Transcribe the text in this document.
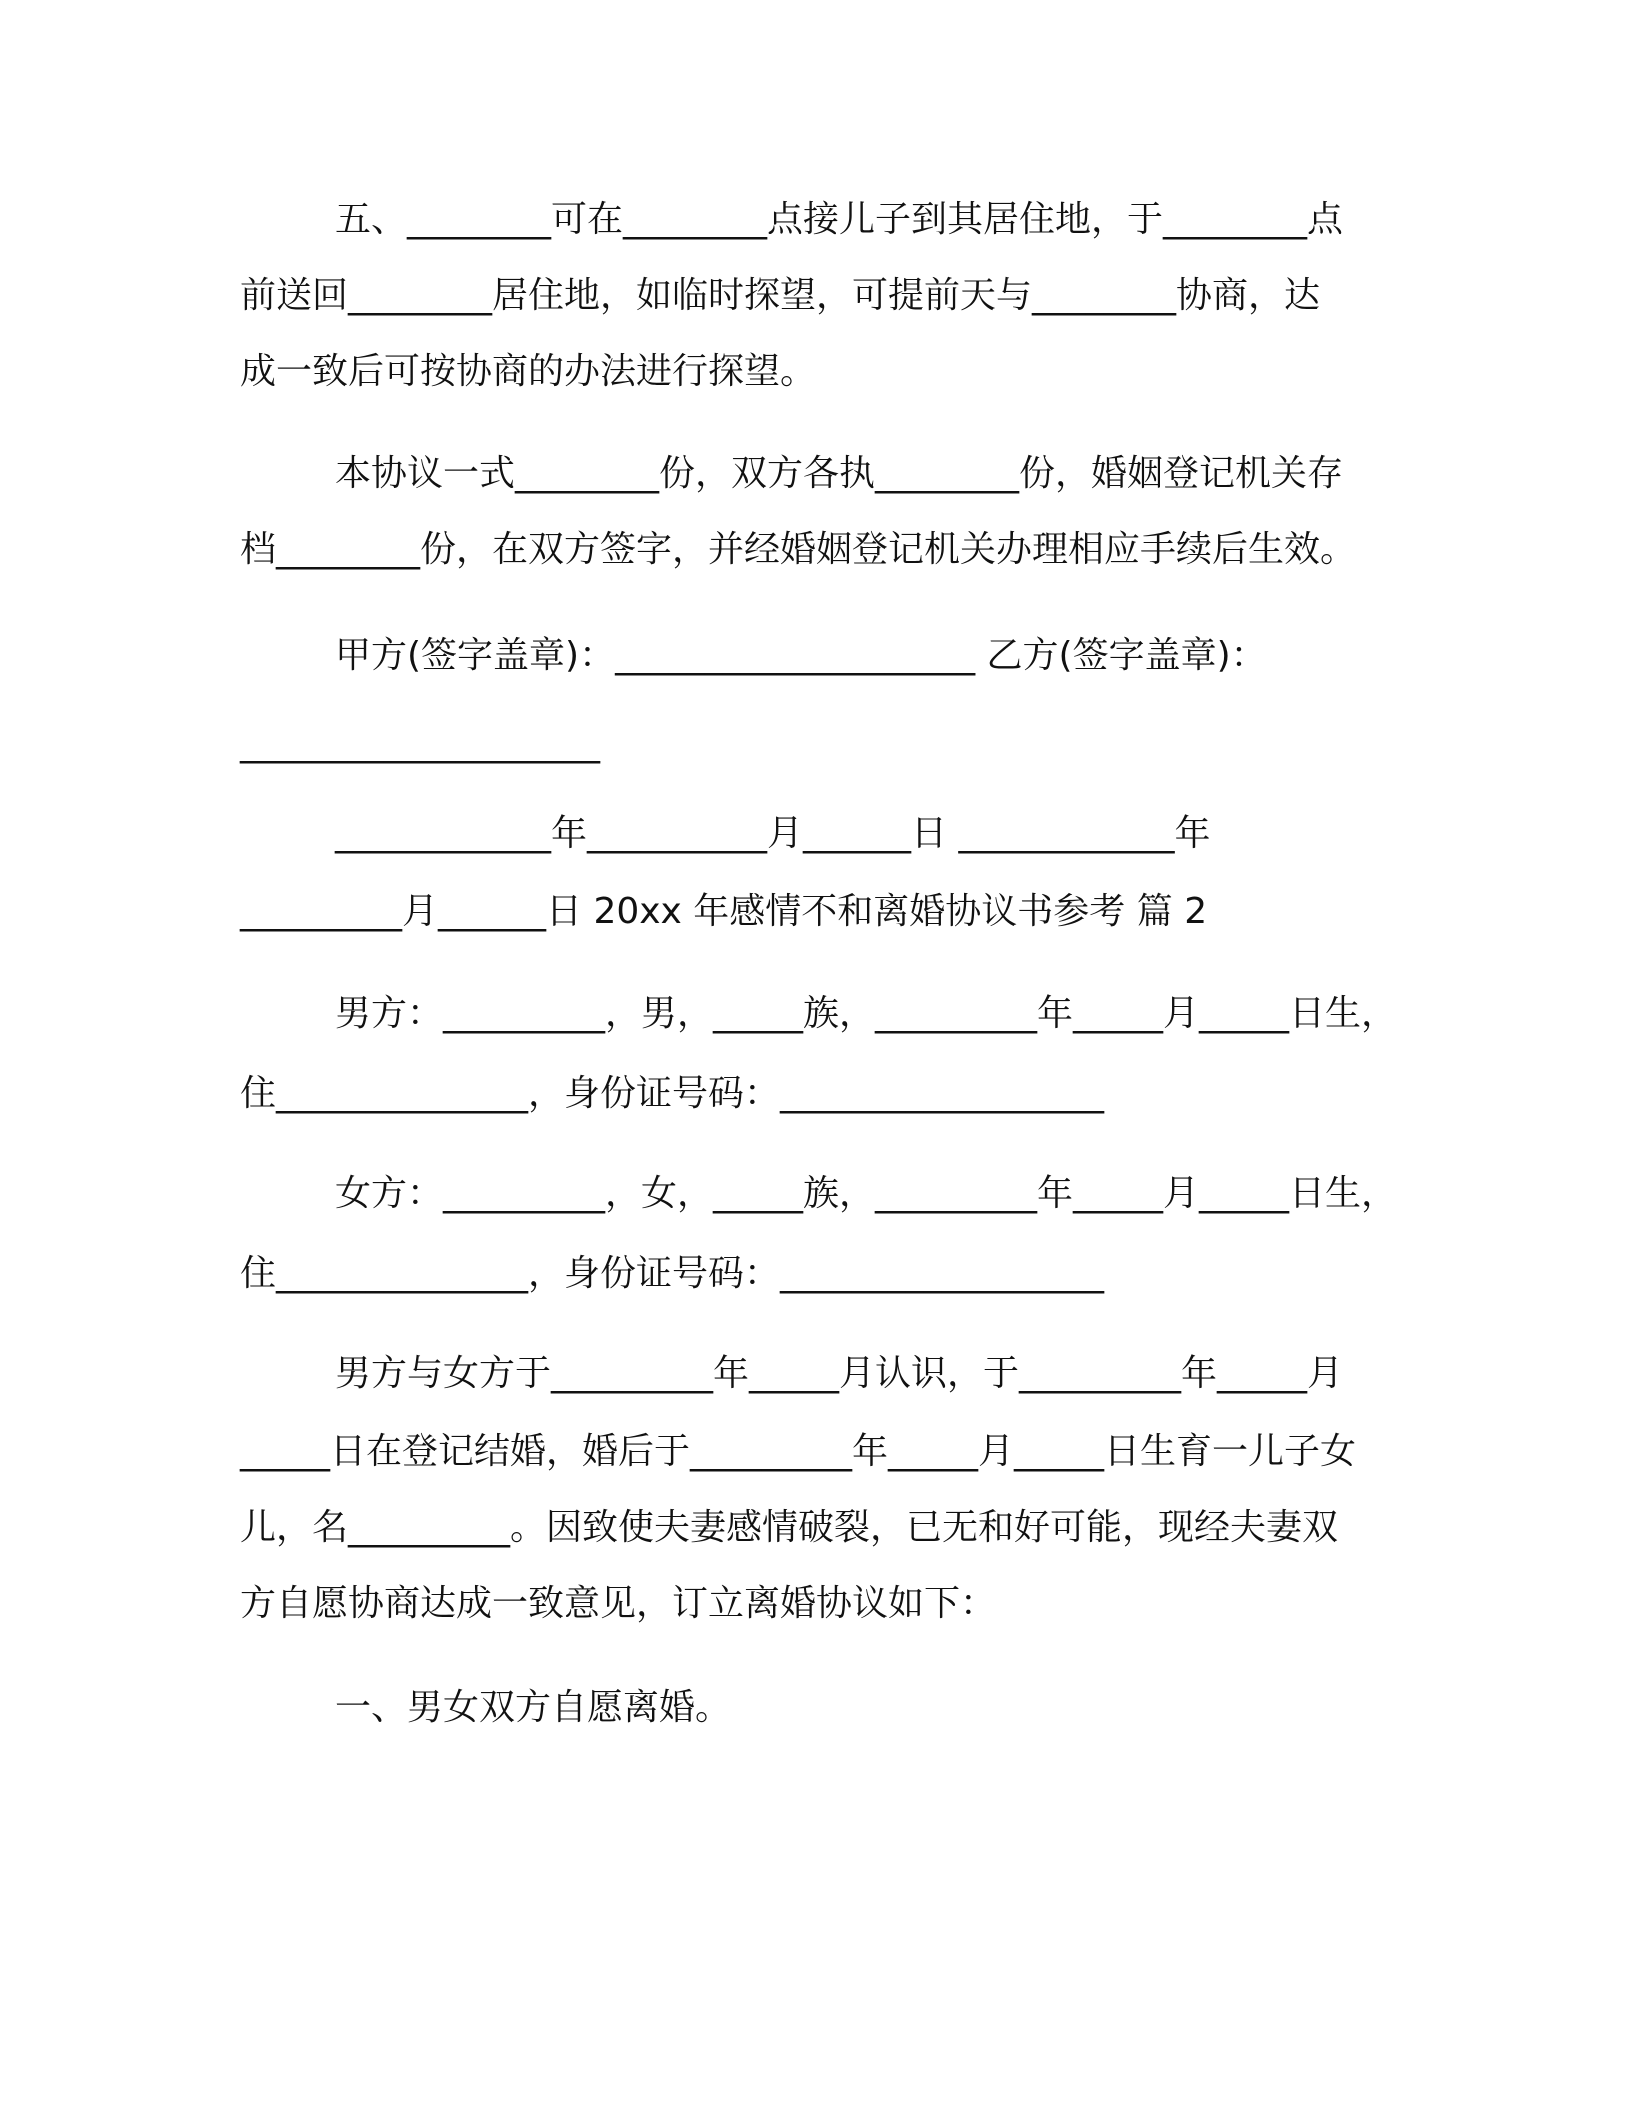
五、________可在________点接儿子到其居住地，于________点
前送回________居住地，如临时探望，可提前天与________协商，达
成一致后可按协商的办法进行探望。
本协议一式________份，双方各执________份，婚姻登记机关存
档________份，在双方签字，并经婚姻登记机关办理相应手续后生效。
甲方(签字盖章)：____________________ 乙方(签字盖章)：
____________________
____________年__________月______日 ____________年
_________月______日 20xx 年感情不和离婚协议书参考 篇 2
男方：_________，男，_____族，_________年_____月_____日生，
住______________，身份证号码：__________________
女方：_________，女，_____族，_________年_____月_____日生，
住______________，身份证号码：__________________
男方与女方于_________年_____月认识，于_________年_____月
_____日在登记结婚，婚后于_________年_____月_____日生育一儿子女
儿，名_________。因致使夫妻感情破裂，已无和好可能，现经夫妻双
方自愿协商达成一致意见，订立离婚协议如下：
一、男女双方自愿离婚。
